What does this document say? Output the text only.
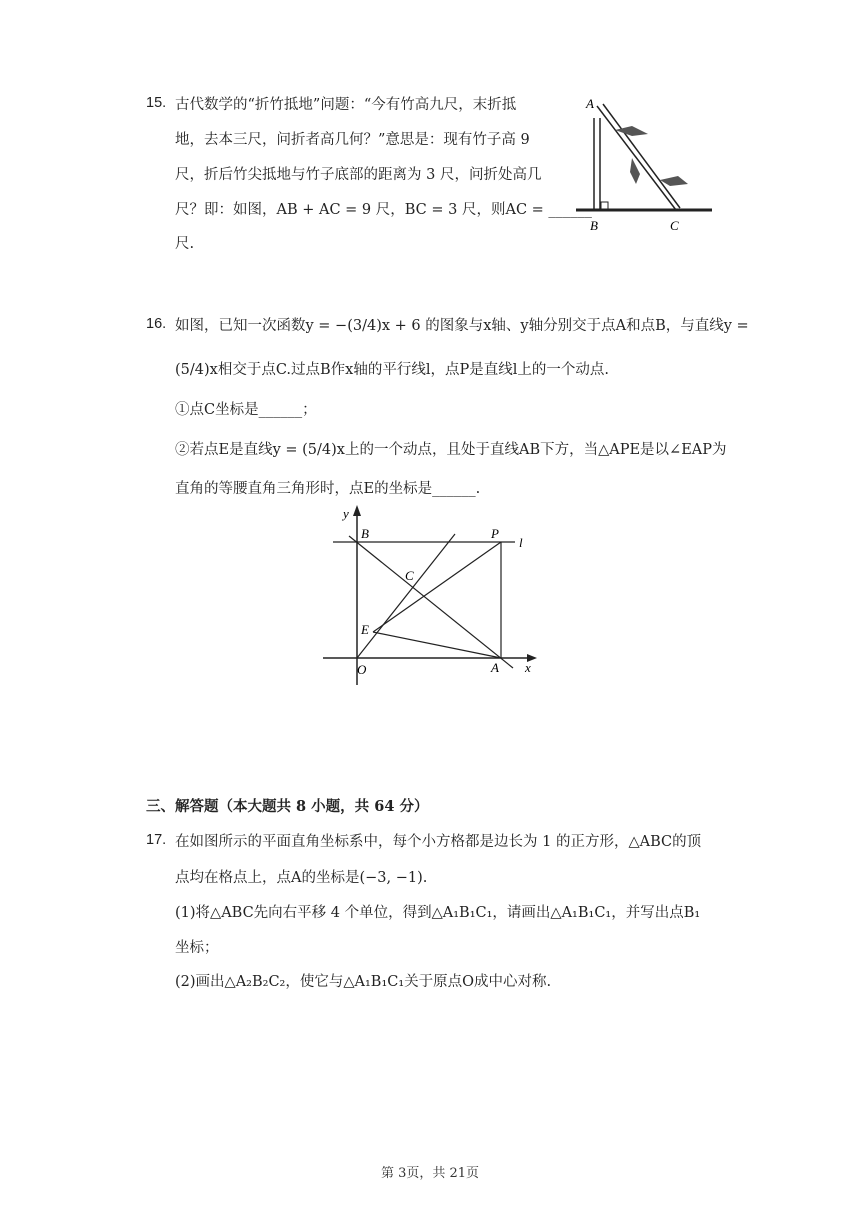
15. 古代数学的“折竹抵地”问题：“今有竹高九尺，末折抵
地，去本三尺，问折者高几何？”意思是：现有竹子高 9
尺，折后竹尖抵地与竹子底部的距离为 3 尺，问折处高几
尺？即：如图，AB + AC = 9 尺，BC = 3 尺，则AC = ______
尺.
A
B	C
16. 如图，已知一次函数y = −(3/4)x + 6 的图象与x轴、y轴分别交于点A和点B，与直线y =
(5/4)x相交于点C.过点B作x轴的平行线l，点P是直线l上的一个动点.
①点C坐标是______；
②若点E是直线y = (5/4)x上的一个动点，且处于直线AB下方，当△APE是以∠EAP为
直角的等腰直角三角形时，点E的坐标是______.
y
x
B	P
l
C
E
O	A
三、解答题（本大题共 8 小题，共 64 分）
17. 在如图所示的平面直角坐标系中，每个小方格都是边长为 1 的正方形，△ABC的顶
点均在格点上，点A的坐标是(−3, −1).
(1)将△ABC先向右平移 4 个单位，得到△A₁B₁C₁，请画出△A₁B₁C₁，并写出点B₁
坐标；
(2)画出△A₂B₂C₂，使它与△A₁B₁C₁关于原点O成中心对称.
第 3页，共 21页
